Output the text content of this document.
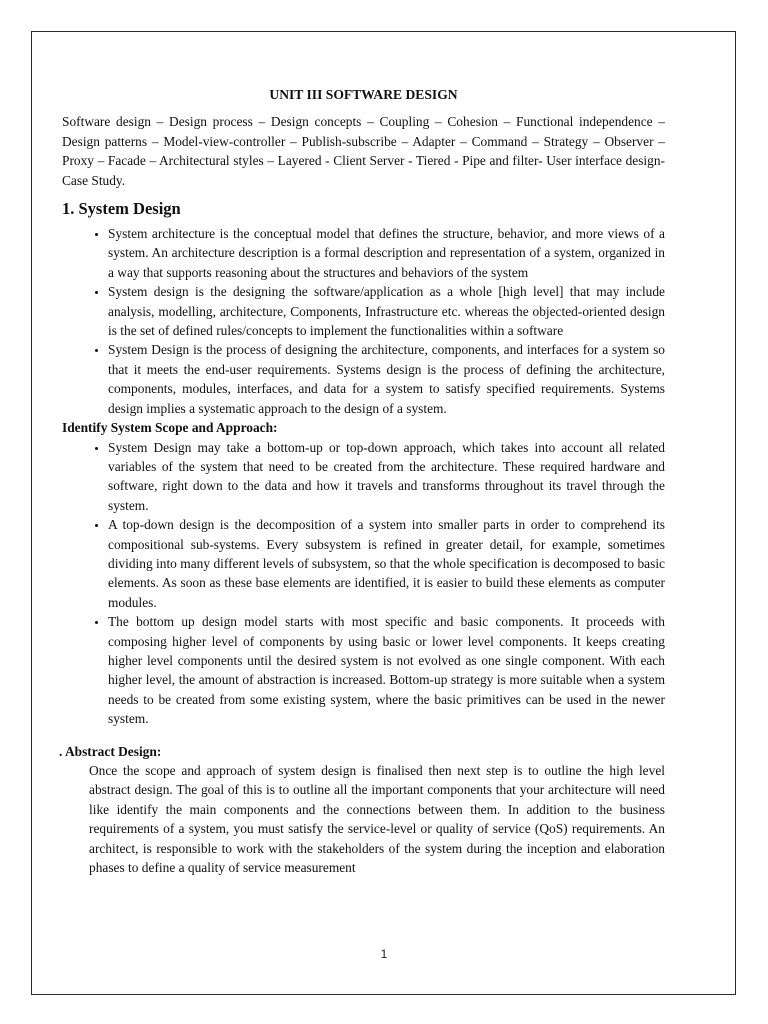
UNIT III SOFTWARE DESIGN

Software design – Design process – Design concepts – Coupling – Cohesion – Functional independence – Design patterns – Model-view-controller – Publish-subscribe – Adapter – Command – Strategy – Observer – Proxy – Facade – Architectural styles – Layered - Client Server - Tiered - Pipe and filter- User interface design-Case Study.

1. System Design
• System architecture is the conceptual model that defines the structure, behavior, and more views of a system. An architecture description is a formal description and representation of a system, organized in a way that supports reasoning about the structures and behaviors of the system
• System design is the designing the software/application as a whole [high level] that may include analysis, modelling, architecture, Components, Infrastructure etc. whereas the objected-oriented design is the set of defined rules/concepts to implement the functionalities within a software
• System Design is the process of designing the architecture, components, and interfaces for a system so that it meets the end-user requirements. Systems design is the process of defining the architecture, components, modules, interfaces, and data for a system to satisfy specified requirements. Systems design implies a systematic approach to the design of a system.

Identify System Scope and Approach:

• System Design may take a bottom-up or top-down approach, which takes into account all related variables of the system that need to be created from the architecture. These required hardware and software, right down to the data and how it travels and transforms throughout its travel through the system.
• A top-down design is the decomposition of a system into smaller parts in order to comprehend its compositional sub-systems. Every subsystem is refined in greater detail, for example, sometimes dividing into many different levels of subsystem, so that the whole specification is decomposed to basic elements. As soon as these base elements are identified, it is easier to build these elements as computer modules.
• The bottom up design model starts with most specific and basic components. It proceeds with composing higher level of components by using basic or lower level components. It keeps creating higher level components until the desired system is not evolved as one single component. With each higher level, the amount of abstraction is increased. Bottom-up strategy is more suitable when a system needs to be created from some existing system, where the basic primitives can be used in the newer system.

. Abstract Design:

Once the scope and approach of system design is finalised then next step is to outline the high level abstract design. The goal of this is to outline all the important components that your architecture will need like identify the main components and the connections between them. In addition to the business requirements of a system, you must satisfy the service-level or quality of service (QoS) requirements. An architect, is responsible to work with the stakeholders of the system during the inception and elaboration phases to define a quality of service measurement

1
